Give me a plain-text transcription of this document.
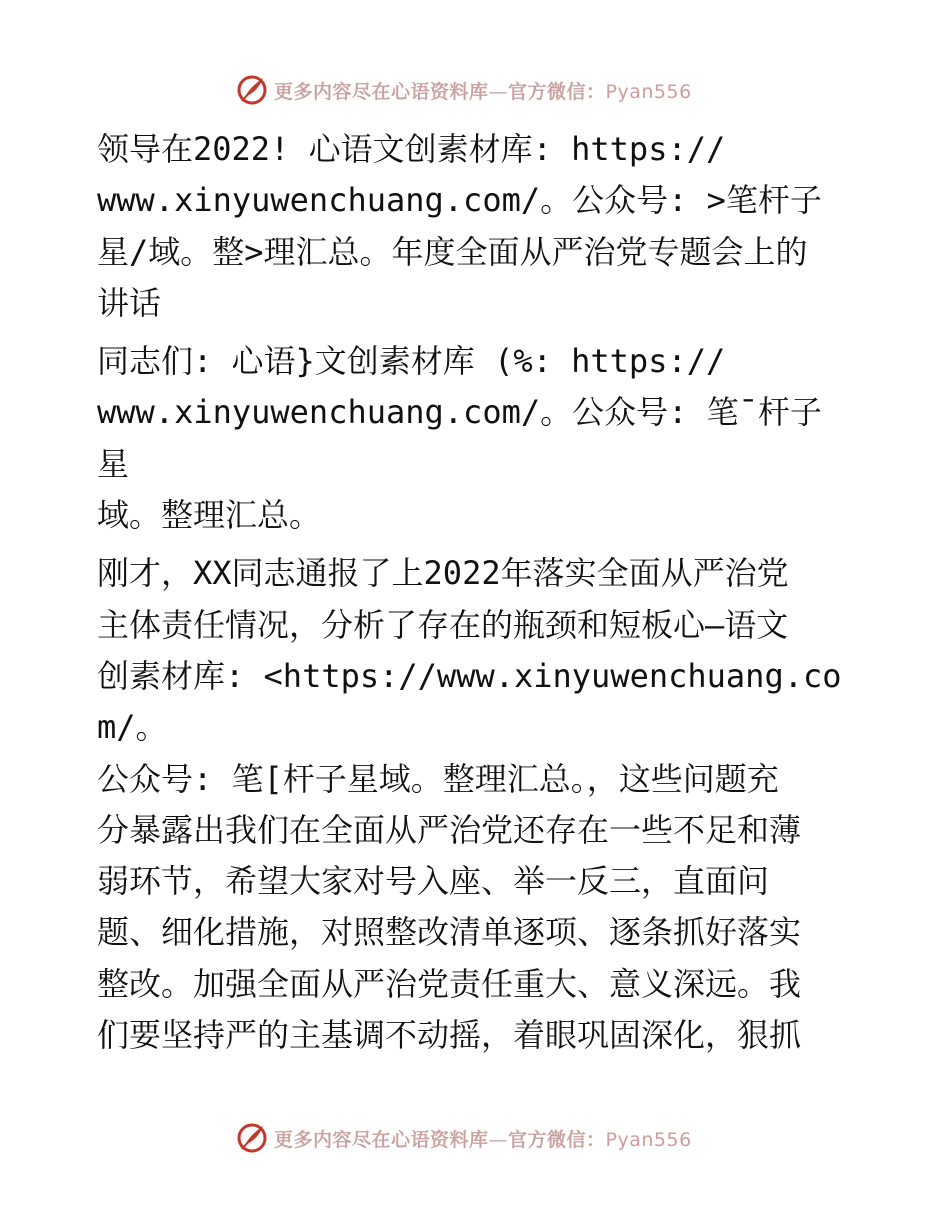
更多内容尽在心语资料库—官方微信：Pyan556

领导在2022! 心语文创素材库: https://
www.xinyuwenchuang.com/。公众号: >笔杆子
星/域。整>理汇总。年度全面从严治党专题会上的
讲话

同志们: 心语}文创素材库 (%: https://
www.xinyuwenchuang.com/。公众号: 笔¯杆子星
域。整理汇总。

刚才，XX同志通报了上2022年落实全面从严治党
主体责任情况，分析了存在的瓶颈和短板心—语文
创素材库: <https://www.xinyuwenchuang.com/。
公众号: 笔[杆子星域。整理汇总。，这些问题充
分暴露出我们在全面从严治党还存在一些不足和薄
弱环节，希望大家对号入座、举一反三，直面问
题、细化措施，对照整改清单逐项、逐条抓好落实
整改。加强全面从严治党责任重大、意义深远。我
们要坚持严的主基调不动摇，着眼巩固深化，狠抓

更多内容尽在心语资料库—官方微信：Pyan556
